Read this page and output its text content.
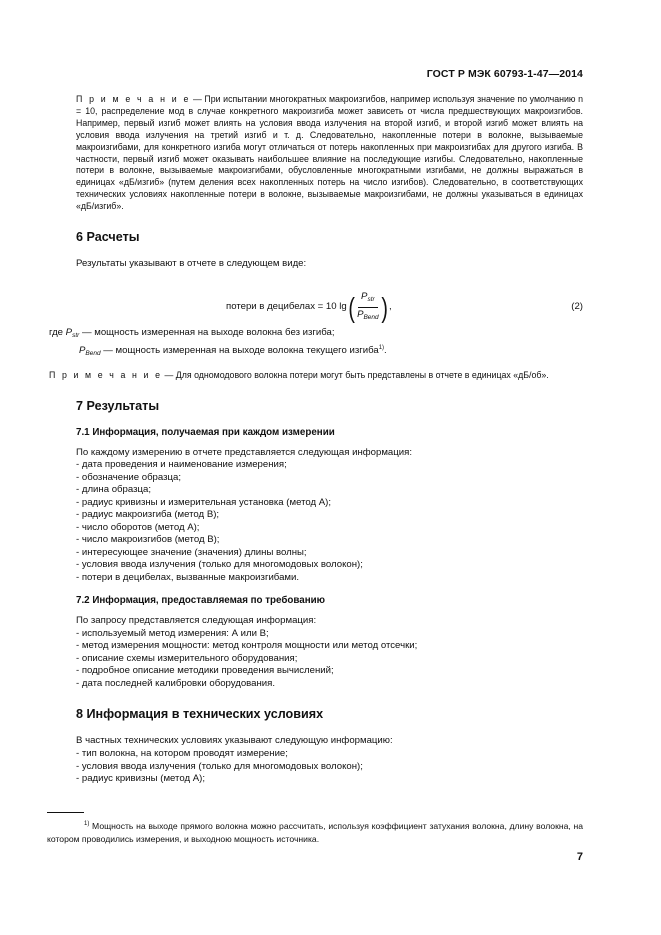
ГОСТ Р МЭК 60793-1-47—2014

П р и м е ч а н и е — При испытании многократных макроизгибов, например используя значение по умолчанию n = 10, распределение мод в случае конкретного макроизгиба может зависеть от числа предшествующих макроизгибов. Например, первый изгиб может влиять на условия ввода излучения на второй изгиб, и второй изгиб может влиять на условия ввода излучения на третий изгиб и т. д. Следовательно, накопленные потери в волокне, вызываемые макроизгибами, для конкретного изгиба могут отличаться от потерь накопленных при макроизгибах для другого изгиба. В частности, первый изгиб может оказывать наибольшее влияние на последующие изгибы. Следовательно, накопленные потери в волокне, вызываемые макроизгибами, обусловленные многократными изгибами, не должны выражаться в единицах «дБ/изгиб» (путем деления всех накопленных потерь на число изгибов). Следовательно, в соответствующих технических условиях накопленные потери в волокне, вызываемые макроизгибами, не должны указываться в единицах «дБ/изгиб».

6 Расчеты

Результаты указывают в отчете в следующем виде:

потери в децибелах = 10 lg ( $\frac{P_{str}}{P_{Bend}}$ ) ,	(2)

где $P_{str}$ — мощность измеренная на выходе волокна без изгиба;

$P_{Bend}$ — мощность измеренная на выходе волокна текущего изгиба$^{1)}$.

П р и м е ч а н и е — Для одномодового волокна потери могут быть представлены в отчете в единицах «дБ/об».

7 Результаты
7.1 Информация, получаемая при каждом измерении

По каждому измерению в отчете представляется следующая информация:

- дата проведения и наименование измерения;
- обозначение образца;
- длина образца;
- радиус кривизны и измерительная установка (метод А);
- радиус макроизгиба (метод В);
- число оборотов (метод А);
- число макроизгибов (метод В);
- интересующее значение (значения) длины волны;
- условия ввода излучения (только для многомодовых волокон);
- потери в децибелах, вызванные макроизгибами.
7.2 Информация, предоставляемая по требованию

По запросу представляется следующая информация:

- используемый метод измерения: А или В;
- метод измерения мощности: метод контроля мощности или метод отсечки;
- описание схемы измерительного оборудования;
- подробное описание методики проведения вычислений;
- дата последней калибровки оборудования.
8 Информация в технических условиях

В частных технических условиях указывают следующую информацию:

- тип волокна, на котором проводят измерение;
- условия ввода излучения (только для многомодовых волокон);
- радиус кривизны (метод А);
$^{1)}$ Мощность на выходе прямого волокна можно рассчитать, используя коэффициент затухания волокна, длину волокна, на котором проводились измерения, и выходною мощность источника.
7
